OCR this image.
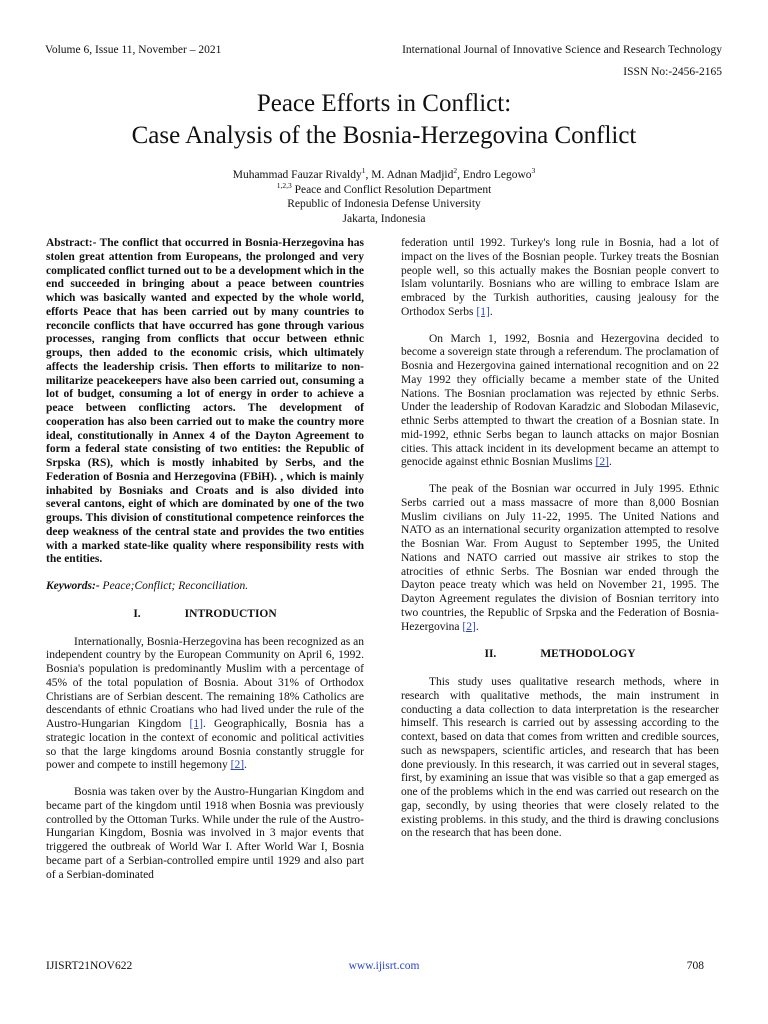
Volume 6, Issue 11, November – 2021	International Journal of Innovative Science and Research Technology
ISSN No:-2456-2165
Peace Efforts in Conflict:
Case Analysis of the Bosnia-Herzegovina Conflict
Muhammad Fauzar Rivaldy$^1$, M. Adnan Madjid$^2$, Endro Legowo$^3$
$^{1,2,3}$ Peace and Conflict Resolution Department
Republic of Indonesia Defense University
Jakarta, Indonesia

Abstract:- The conflict that occurred in Bosnia-Herzegovina has stolen great attention from Europeans, the prolonged and very complicated conflict turned out to be a development which in the end succeeded in bringing about a peace between countries which was basically wanted and expected by the whole world, efforts Peace that has been carried out by many countries to reconcile conflicts that have occurred has gone through various processes, ranging from conflicts that occur between ethnic groups, then added to the economic crisis, which ultimately affects the leadership crisis. Then efforts to militarize to non-militarize peacekeepers have also been carried out, consuming a lot of budget, consuming a lot of energy in order to achieve a peace between conflicting actors. The development of cooperation has also been carried out to make the country more ideal, constitutionally in Annex 4 of the Dayton Agreement to form a federal state consisting of two entities: the Republic of Srpska (RS), which is mostly inhabited by Serbs, and the Federation of Bosnia and Herzegovina (FBiH). , which is mainly inhabited by Bosniaks and Croats and is also divided into several cantons, eight of which are dominated by one of the two groups. This division of constitutional competence reinforces the deep weakness of the central state and provides the two entities with a marked state-like quality where responsibility rests with the entities.

Keywords:- Peace;Conflict; Reconciliation.

I.	INTRODUCTION

Internationally, Bosnia-Herzegovina has been recognized as an independent country by the European Community on April 6, 1992. Bosnia's population is predominantly Muslim with a percentage of 45% of the total population of Bosnia. About 31% of Orthodox Christians are of Serbian descent. The remaining 18% Catholics are descendants of ethnic Croatians who had lived under the rule of the Austro-Hungarian Kingdom [1]. Geographically, Bosnia has a strategic location in the context of economic and political activities so that the large kingdoms around Bosnia constantly struggle for power and compete to instill hegemony [2].

Bosnia was taken over by the Austro-Hungarian Kingdom and became part of the kingdom until 1918 when Bosnia was previously controlled by the Ottoman Turks. While under the rule of the Austro-Hungarian Kingdom, Bosnia was involved in 3 major events that triggered the outbreak of World War I. After World War I, Bosnia became part of a Serbian-controlled empire until 1929 and also part of a Serbian-dominated

federation until 1992. Turkey's long rule in Bosnia, had a lot of impact on the lives of the Bosnian people. Turkey treats the Bosnian people well, so this actually makes the Bosnian people convert to Islam voluntarily. Bosnians who are willing to embrace Islam are embraced by the Turkish authorities, causing jealousy for the Orthodox Serbs [1].

On March 1, 1992, Bosnia and Hezergovina decided to become a sovereign state through a referendum. The proclamation of Bosnia and Hezergovina gained international recognition and on 22 May 1992 they officially became a member state of the United Nations. The Bosnian proclamation was rejected by ethnic Serbs. Under the leadership of Rodovan Karadzic and Slobodan Milasevic, ethnic Serbs attempted to thwart the creation of a Bosnian state. In mid-1992, ethnic Serbs began to launch attacks on major Bosnian cities. This attack incident in its development became an attempt to genocide against ethnic Bosnian Muslims [2].

The peak of the Bosnian war occurred in July 1995. Ethnic Serbs carried out a mass massacre of more than 8,000 Bosnian Muslim civilians on July 11-22, 1995. The United Nations and NATO as an international security organization attempted to resolve the Bosnian War. From August to September 1995, the United Nations and NATO carried out massive air strikes to stop the atrocities of ethnic Serbs. The Bosnian war ended through the Dayton peace treaty which was held on November 21, 1995. The Dayton Agreement regulates the division of Bosnian territory into two countries, the Republic of Srpska and the Federation of Bosnia-Hezergovina [2].

II.	METHODOLOGY

This study uses qualitative research methods, where in research with qualitative methods, the main instrument in conducting a data collection to data interpretation is the researcher himself. This research is carried out by assessing according to the context, based on data that comes from written and credible sources, such as newspapers, scientific articles, and research that has been done previously. In this research, it was carried out in several stages, first, by examining an issue that was visible so that a gap emerged as one of the problems which in the end was carried out research on the gap, secondly, by using theories that were closely related to the existing problems. in this study, and the third is drawing conclusions on the research that has been done.

IJISRT21NOV622	www.ijisrt.com	708
